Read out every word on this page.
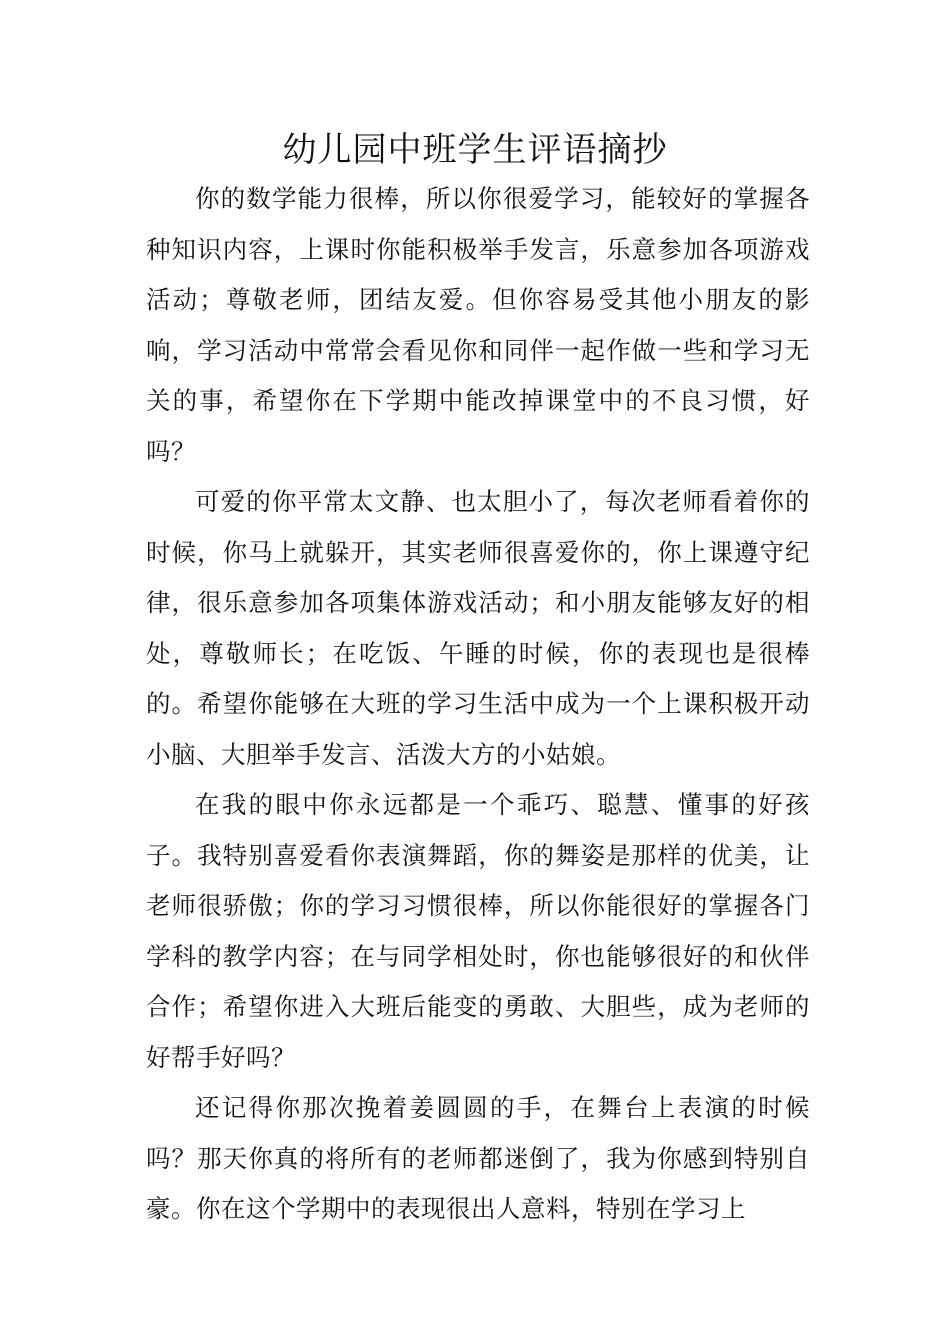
幼儿园中班学生评语摘抄

你的数学能力很棒，所以你很爱学习，能较好的掌握各种知识内容，上课时你能积极举手发言，乐意参加各项游戏活动；尊敬老师，团结友爱。但你容易受其他小朋友的影响，学习活动中常常会看见你和同伴一起作做一些和学习无关的事，希望你在下学期中能改掉课堂中的不良习惯，好吗？

可爱的你平常太文静、也太胆小了，每次老师看着你的时候，你马上就躲开，其实老师很喜爱你的，你上课遵守纪律，很乐意参加各项集体游戏活动；和小朋友能够友好的相处，尊敬师长；在吃饭、午睡的时候，你的表现也是很棒的。希望你能够在大班的学习生活中成为一个上课积极开动小脑、大胆举手发言、活泼大方的小姑娘。

在我的眼中你永远都是一个乖巧、聪慧、懂事的好孩子。我特别喜爱看你表演舞蹈，你的舞姿是那样的优美，让老师很骄傲；你的学习习惯很棒，所以你能很好的掌握各门学科的教学内容；在与同学相处时，你也能够很好的和伙伴合作；希望你进入大班后能变的勇敢、大胆些，成为老师的好帮手好吗？

还记得你那次挽着姜圆圆的手，在舞台上表演的时候吗？那天你真的将所有的老师都迷倒了，我为你感到特别自豪。你在这个学期中的表现很出人意料，特别在学习上
